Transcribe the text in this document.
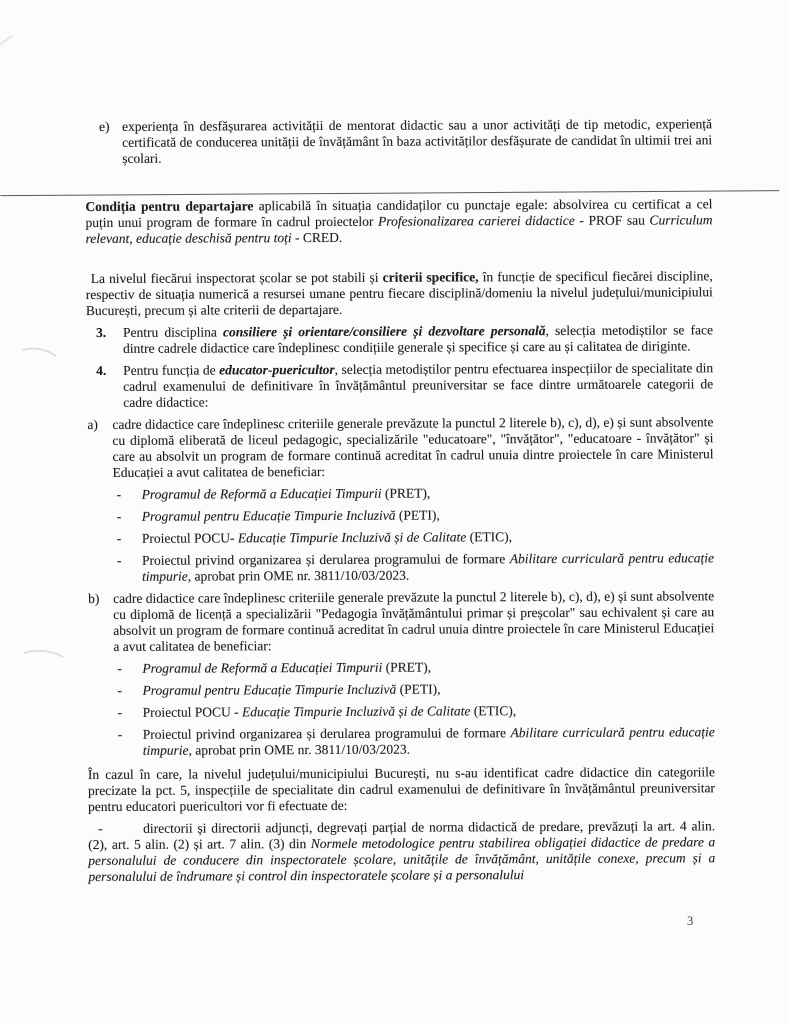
e) experiența în desfășurarea activității de mentorat didactic sau a unor activități de tip metodic, experiență certificată de conducerea unității de învățământ în baza activităților desfășurate de candidat în ultimii trei ani școlari.
Condiția pentru departajare aplicabilă în situația candidaților cu punctaje egale: absolvirea cu certificat a cel puțin unui program de formare în cadrul proiectelor Profesionalizarea carierei didactice - PROF sau Curriculum relevant, educație deschisă pentru toți - CRED.
La nivelul fiecărui inspectorat școlar se pot stabili și criterii specifice, în funcție de specificul fiecărei discipline, respectiv de situația numerică a resursei umane pentru fiecare disciplină/domeniu la nivelul județului/municipiului București, precum și alte criterii de departajare.
3.	Pentru disciplina consiliere și orientare/consiliere și dezvoltare personală, selecția metodiștilor se face dintre cadrele didactice care îndeplinesc condițiile generale și specifice și care au și calitatea de diriginte.
4.	Pentru funcția de educator-puericultor, selecția metodiștilor pentru efectuarea inspecțiilor de specialitate din cadrul examenului de definitivare în învățământul preuniversitar se face dintre următoarele categorii de cadre didactice:
a)	cadre didactice care îndeplinesc criteriile generale prevăzute la punctul 2 literele b), c), d), e) și sunt absolvente cu diplomă eliberată de liceul pedagogic, specializările "educatoare", "învățător", "educatoare - învățător" și care au absolvit un program de formare continuă acreditat în cadrul unuia dintre proiectele în care Ministerul Educației a avut calitatea de beneficiar:
-	Programul de Reformă a Educației Timpurii (PRET),
-	Programul pentru Educație Timpurie Incluzivă (PETI),
-	Proiectul POCU- Educație Timpurie Incluzivă și de Calitate (ETIC),
-	Proiectul privind organizarea și derularea programului de formare Abilitare curriculară pentru educație timpurie, aprobat prin OME nr. 3811/10/03/2023.
b)	cadre didactice care îndeplinesc criteriile generale prevăzute la punctul 2 literele b), c), d), e) și sunt absolvente cu diplomă de licență a specializării "Pedagogia învățământului primar și preșcolar" sau echivalent și care au absolvit un program de formare continuă acreditat în cadrul unuia dintre proiectele în care Ministerul Educației a avut calitatea de beneficiar:
-	Programul de Reformă a Educației Timpurii (PRET),
-	Programul pentru Educație Timpurie Incluzivă (PETI),
-	Proiectul POCU - Educație Timpurie Incluzivă și de Calitate (ETIC),
-	Proiectul privind organizarea și derularea programului de formare Abilitare curriculară pentru educație timpurie, aprobat prin OME nr. 3811/10/03/2023.
În cazul în care, la nivelul județului/municipiului București, nu s-au identificat cadre didactice din categoriile precizate la pct. 5, inspecțiile de specialitate din cadrul examenului de definitivare în învățământul preuniversitar pentru educatori puericultori vor fi efectuate de:
-	directorii și directorii adjuncți, degrevați parțial de norma didactică de predare, prevăzuți la art. 4 alin. (2), art. 5 alin. (2) și art. 7 alin. (3) din Normele metodologice pentru stabilirea obligației didactice de predare a personalului de conducere din inspectoratele școlare, unitățile de învățământ, unitățile conexe, precum și a personalului de îndrumare și control din inspectoratele școlare și a personalului
3
